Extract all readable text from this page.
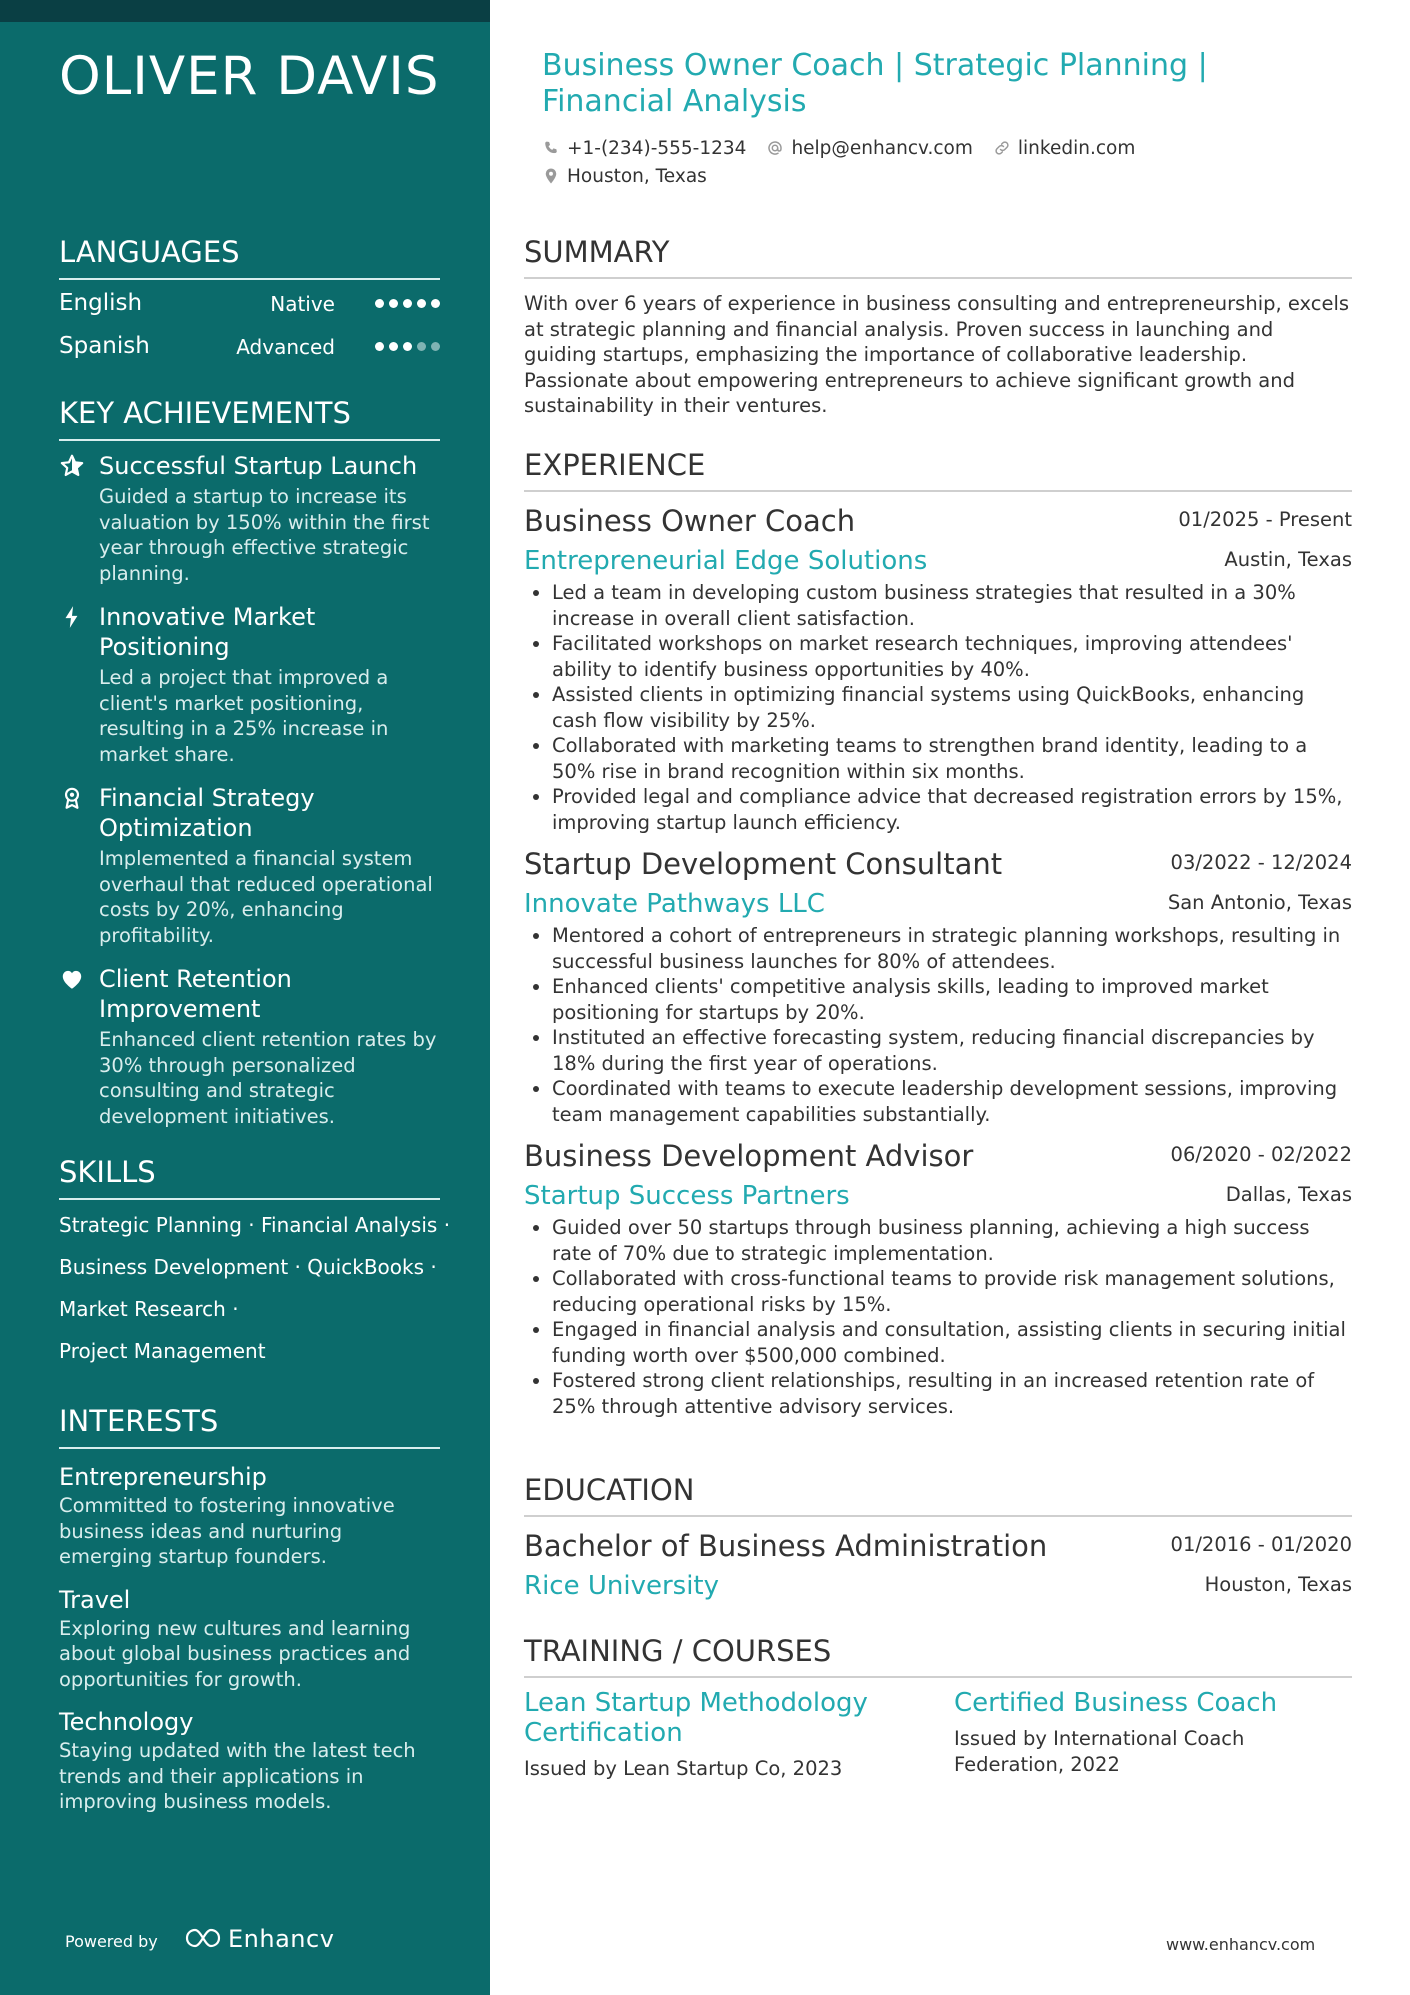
OLIVER DAVIS
LANGUAGES
English	Native
Spanish	Advanced
KEY ACHIEVEMENTS
Successful Startup Launch
Guided a startup to increase its valuation by 150% within the first year through effective strategic planning.
Innovative Market Positioning
Led a project that improved a client's market positioning, resulting in a 25% increase in market share.
Financial Strategy Optimization
Implemented a financial system overhaul that reduced operational costs by 20%, enhancing profitability.
Client Retention Improvement
Enhanced client retention rates by 30% through personalized consulting and strategic development initiatives.
SKILLS
Strategic Planning · Financial Analysis ·
Business Development · QuickBooks ·
Market Research ·
Project Management
INTERESTS
Entrepreneurship
Committed to fostering innovative business ideas and nurturing emerging startup founders.
Travel
Exploring new cultures and learning about global business practices and opportunities for growth.
Technology
Staying updated with the latest tech trends and their applications in improving business models.
Powered by	Enhancv
Business Owner Coach | Strategic Planning | Financial Analysis
+1-(234)-555-1234 help@enhancv.com linkedin.com
Houston, Texas
SUMMARY
With over 6 years of experience in business consulting and entrepreneurship, excels at strategic planning and financial analysis. Proven success in launching and guiding startups, emphasizing the importance of collaborative leadership. Passionate about empowering entrepreneurs to achieve significant growth and sustainability in their ventures.
EXPERIENCE
Business Owner Coach	01/2025 - Present
Entrepreneurial Edge Solutions	Austin, Texas
• Led a team in developing custom business strategies that resulted in a 30% increase in overall client satisfaction.
• Facilitated workshops on market research techniques, improving attendees' ability to identify business opportunities by 40%.
• Assisted clients in optimizing financial systems using QuickBooks, enhancing cash flow visibility by 25%.
• Collaborated with marketing teams to strengthen brand identity, leading to a 50% rise in brand recognition within six months.
• Provided legal and compliance advice that decreased registration errors by 15%, improving startup launch efficiency.
Startup Development Consultant	03/2022 - 12/2024
Innovate Pathways LLC	San Antonio, Texas
• Mentored a cohort of entrepreneurs in strategic planning workshops, resulting in successful business launches for 80% of attendees.
• Enhanced clients' competitive analysis skills, leading to improved market positioning for startups by 20%.
• Instituted an effective forecasting system, reducing financial discrepancies by 18% during the first year of operations.
• Coordinated with teams to execute leadership development sessions, improving team management capabilities substantially.
Business Development Advisor	06/2020 - 02/2022
Startup Success Partners	Dallas, Texas
• Guided over 50 startups through business planning, achieving a high success rate of 70% due to strategic implementation.
• Collaborated with cross-functional teams to provide risk management solutions, reducing operational risks by 15%.
• Engaged in financial analysis and consultation, assisting clients in securing initial funding worth over $500,000 combined.
• Fostered strong client relationships, resulting in an increased retention rate of 25% through attentive advisory services.
EDUCATION
Bachelor of Business Administration	01/2016 - 01/2020
Rice University	Houston, Texas
TRAINING / COURSES
Lean Startup Methodology Certification
Issued by Lean Startup Co, 2023
Certified Business Coach
Issued by International Coach Federation, 2022
www.enhancv.com
